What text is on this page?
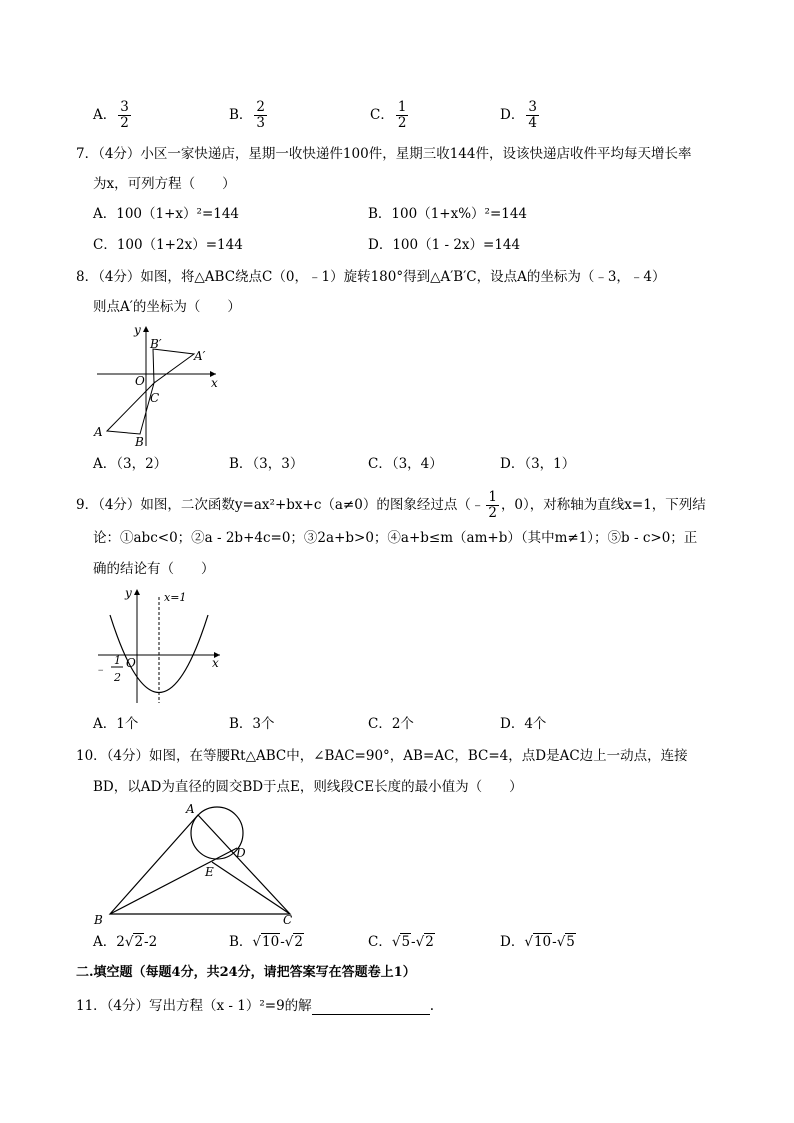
A． $\frac{3}{2}$	B． $\frac{2}{3}$	C． $\frac{1}{2}$	D． $\frac{3}{4}$
7．（4分）小区一家快递店，星期一收快递件100件，星期三收144件，设该快递店收件平均每天增长率
为x，可列方程（　　）
A．100（1+x）²=144	B．100（1+x%）²=144
C．100（1+2x）=144	D．100（1 - 2x）=144
8．（4分）如图，将△ABC绕点C（0，﹣1）旋转180°得到△A′B′C，设点A的坐标为（﹣3，﹣4）
则点A′的坐标为（　　）
y
x
O
C
A
B
A′
B′
A．（3，2）	B．（3，3）	C．（3，4）	D．（3，1）
9．（4分）如图，二次函数y=ax²+bx+c（a≠0）的图象经过点（﹣ $\frac{1}{2}$ ，0），对称轴为直线x=1，下列结
论：①abc<0；②a - 2b+4c=0；③2a+b>0；④a+b≤m（am+b）（其中m≠1）；⑤b - c>0；正
确的结论有（　　）
y
x
O
x=1
﹣
1
2
A．1个	B．3个	C．2个	D．4个
10．（4分）如图，在等腰Rt△ABC中，∠BAC=90°，AB=AC，BC=4，点D是AC边上一动点，连接
BD，以AD为直径的圆交BD于点E，则线段CE长度的最小值为（　　）
A
B	C
D
E
A．2√2-2	B．√10-√2	C．√5-√2	D．√10-√5
二.填空题（每题4分，共24分，请把答案写在答题卷上1）
11．（4分）写出方程（x - 1）²=9的解	.
